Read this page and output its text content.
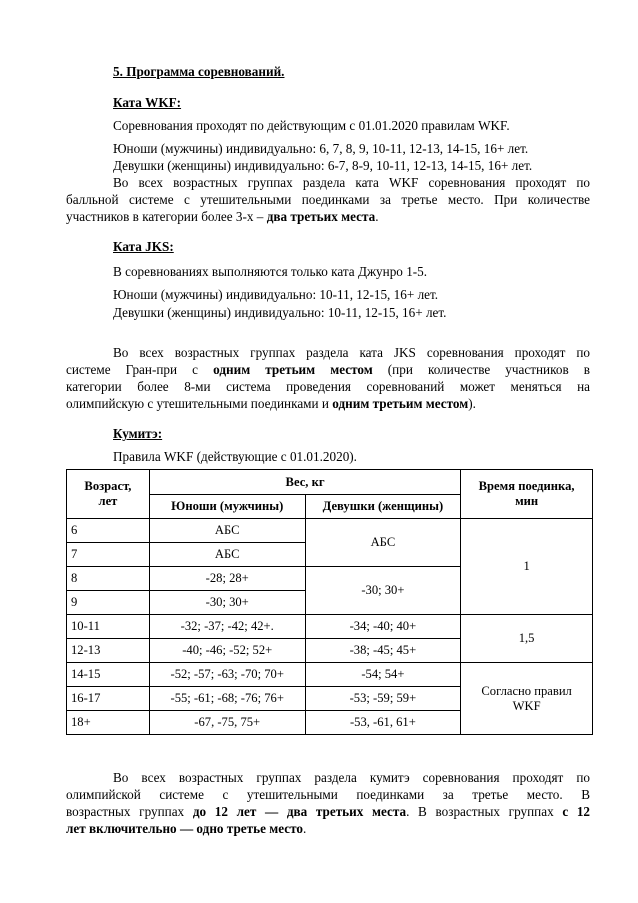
5. Программа соревнований.
Ката WKF:
Соревнования проходят по действующим с 01.01.2020 правилам WKF.
Юноши (мужчины) индивидуально: 6, 7, 8, 9, 10-11, 12-13, 14-15, 16+ лет.
Девушки (женщины) индивидуально: 6-7, 8-9, 10-11, 12-13, 14-15, 16+ лет.
Во всех возрастных группах раздела ката WKF соревнования проходят по
балльной системе с утешительными поединками за третье место. При количестве
участников в категории более 3-х – два третьих места.
Ката JKS:
В соревнованиях выполняются только ката Джунро 1-5.
Юноши (мужчины) индивидуально: 10-11, 12-15, 16+ лет.
Девушки (женщины) индивидуально: 10-11, 12-15, 16+ лет.
Во всех возрастных группах раздела ката JKS соревнования проходят по
системе Гран-при с одним третьим местом (при количестве участников в
категории более 8-ми система проведения соревнований может меняться на
олимпийскую с утешительными поединками и одним третьим местом).
Кумитэ:
Правила WKF (действующие с 01.01.2020).
Возраст,
лет	Вес, кг		Время поединка,
мин
	Юноши (мужчины)	Девушки (женщины)	
6	АБС	АБС	1
7	АБС		
8	-28; 28+	-30; 30+	
9	-30; 30+		
10-11	-32; -37; -42; 42+.	-34; -40; 40+	1,5
12-13	-40; -46; -52; 52+	-38; -45; 45+	
14-15	-52; -57; -63; -70; 70+	-54; 54+	Согласно правил
WKF
16-17	-55; -61; -68; -76; 76+	-53; -59; 59+	
18+	-67, -75, 75+	-53, -61, 61+	
Во всех возрастных группах раздела кумитэ соревнования проходят по
олимпийской системе с утешительными поединками за третье место. В
возрастных группах до 12 лет — два третьих места. В возрастных группах с 12
лет включительно — одно третье место.
